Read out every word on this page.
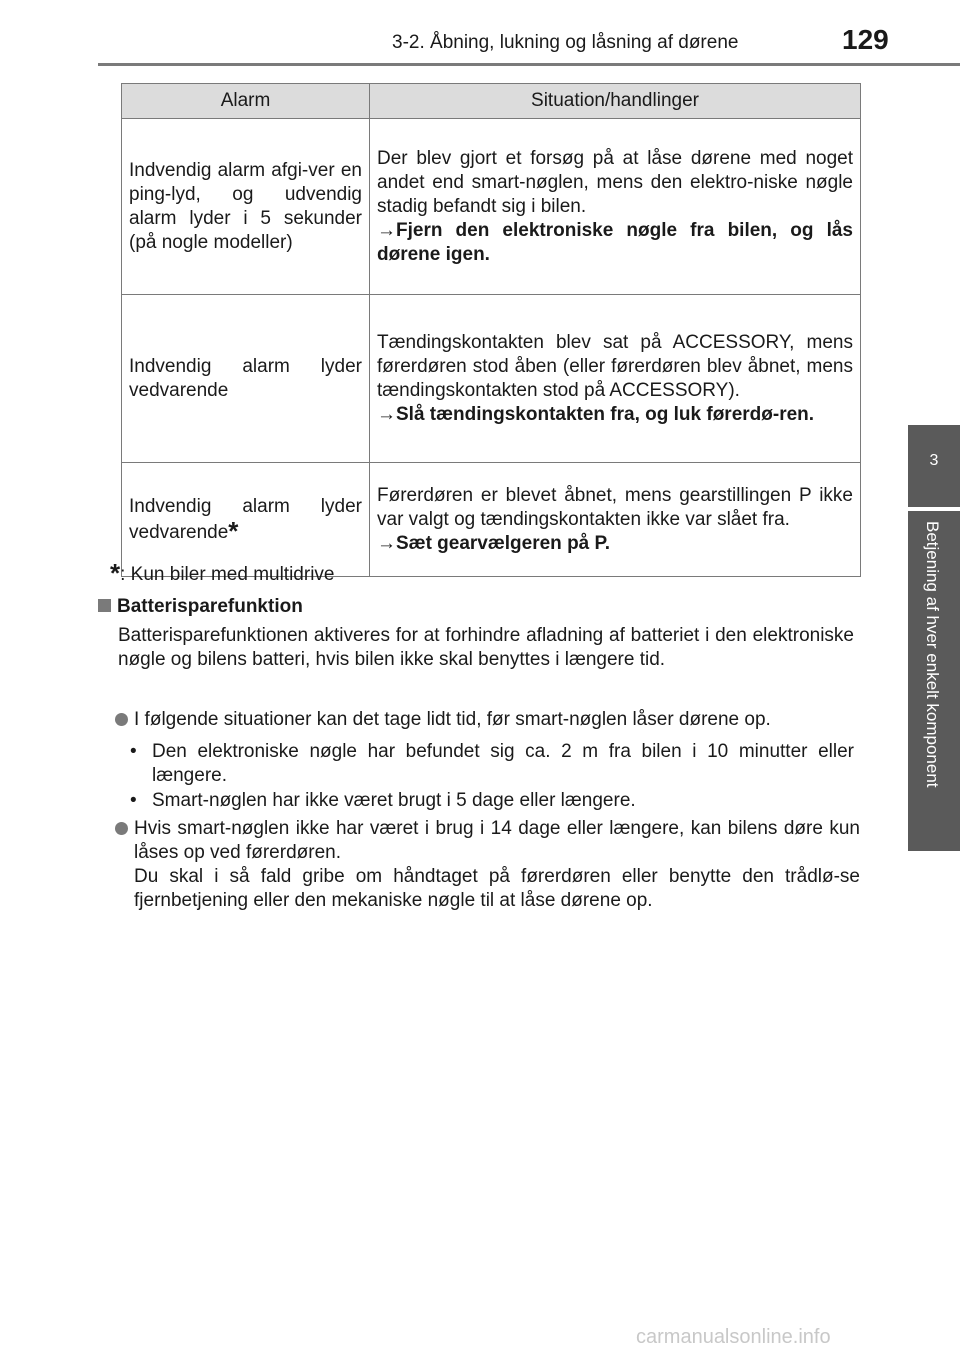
3-2. Åbning, lukning og låsning af dørene	129
3
Betjening af hver enkelt komponent
Alarm	Situation/handlinger
Indvendig alarm afgi-ver en ping-lyd, og udvendig alarm lyder i 5 sekunder (på nogle modeller)	Der blev gjort et forsøg på at låse dørene med noget andet end smart-nøglen, mens den elektro-niske nøgle stadig befandt sig i bilen.
→Fjern den elektroniske nøgle fra bilen, og lås dørene igen.

Indvendig alarm lyder vedvarende	Tændingskontakten blev sat på ACCESSORY, mens førerdøren stod åben (eller førerdøren blev åbnet, mens tændingskontakten stod på ACCESSORY).
→Slå tændingskontakten fra, og luk førerdø-ren.

Indvendig alarm lyder vedvarende*	Førerdøren er blevet åbnet, mens gearstillingen P ikke var valgt og tændingskontakten ikke var slået fra.
→Sæt gearvælgeren på P.
*: Kun biler med multidrive
Batterisparefunktion
Batterisparefunktionen aktiveres for at forhindre afladning af batteriet i den elektroniske nøgle og bilens batteri, hvis bilen ikke skal benyttes i længere tid.
I følgende situationer kan det tage lidt tid, før smart-nøglen låser dørene op.
• Den elektroniske nøgle har befundet sig ca. 2 m fra bilen i 10 minutter eller længere.
• Smart-nøglen har ikke været brugt i 5 dage eller længere.
Hvis smart-nøglen ikke har været i brug i 14 dage eller længere, kan bilens døre kun låses op ved førerdøren.
Du skal i så fald gribe om håndtaget på førerdøren eller benytte den trådlø-se fjernbetjening eller den mekaniske nøgle til at låse dørene op.
carmanualsonline.info
